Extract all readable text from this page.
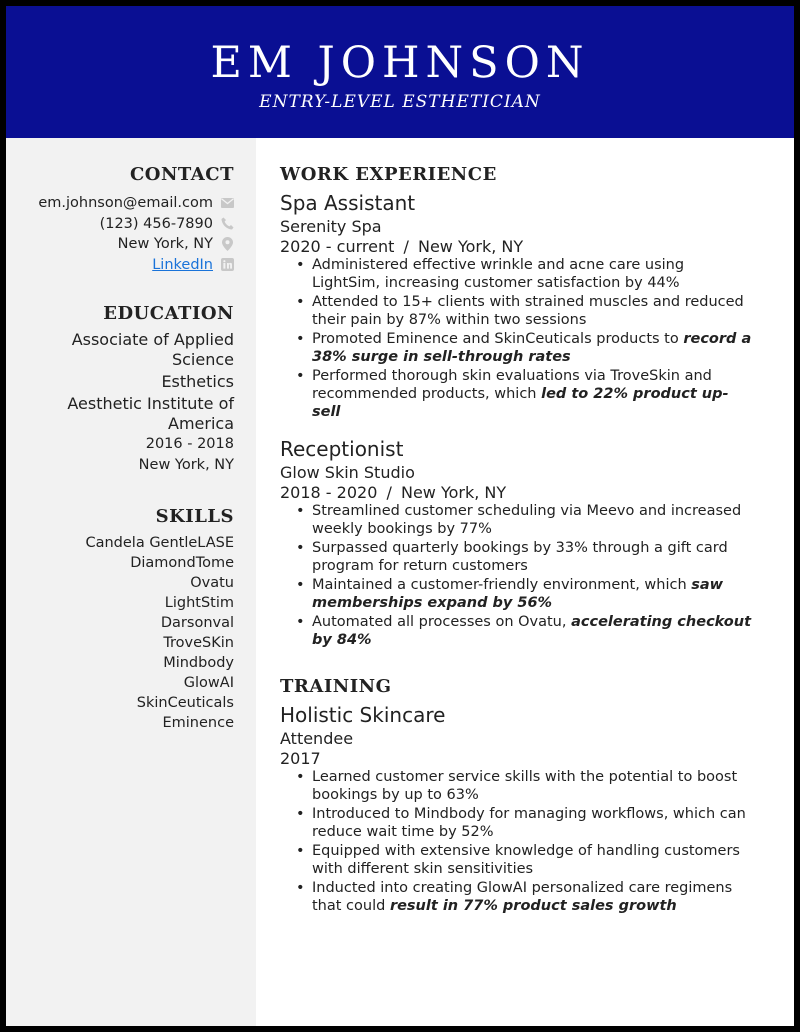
EM JOHNSON
ENTRY-LEVEL ESTHETICIAN
CONTACT
em.johnson@email.com
(123) 456-7890
New York, NY
LinkedIn
EDUCATION
Associate of Applied
Science
Esthetics
Aesthetic Institute of
America
2016 - 2018
New York, NY
SKILLS
Candela GentleLASE
DiamondTome
Ovatu
LightStim
Darsonval
TroveSKin
Mindbody
GlowAI
SkinCeuticals
Eminence
WORK EXPERIENCE
Spa Assistant
Serenity Spa
2020 - current / New York, NY
• Administered effective wrinkle and acne care using LightSim, increasing customer satisfaction by 44%
• Attended to 15+ clients with strained muscles and reduced their pain by 87% within two sessions
• Promoted Eminence and SkinCeuticals products to record a 38% surge in sell-through rates
• Performed thorough skin evaluations via TroveSkin and recommended products, which led to 22% product up-sell
Receptionist
Glow Skin Studio
2018 - 2020 / New York, NY
• Streamlined customer scheduling via Meevo and increased weekly bookings by 77%
• Surpassed quarterly bookings by 33% through a gift card program for return customers
• Maintained a customer-friendly environment, which saw memberships expand by 56%
• Automated all processes on Ovatu, accelerating checkout by 84%
TRAINING
Holistic Skincare
Attendee
2017
• Learned customer service skills with the potential to boost bookings by up to 63%
• Introduced to Mindbody for managing workflows, which can reduce wait time by 52%
• Equipped with extensive knowledge of handling customers with different skin sensitivities
• Inducted into creating GlowAI personalized care regimens that could result in 77% product sales growth
